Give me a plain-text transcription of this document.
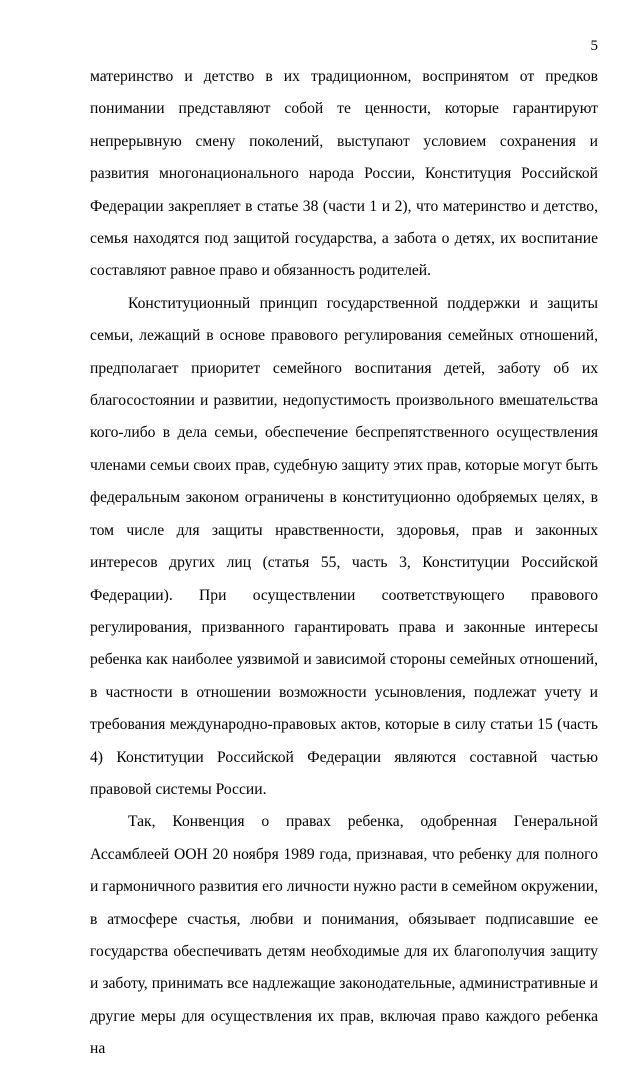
5

материнство и детство в их традиционном, воспринятом от предков понимании представляют собой те ценности, которые гарантируют непрерывную смену поколений, выступают условием сохранения и развития многонационального народа России, Конституция Российской Федерации закрепляет в статье 38 (части 1 и 2), что материнство и детство, семья находятся под защитой государства, а забота о детях, их воспитание составляют равное право и обязанность родителей.

Конституционный принцип государственной поддержки и защиты семьи, лежащий в основе правового регулирования семейных отношений, предполагает приоритет семейного воспитания детей, заботу об их благосостоянии и развитии, недопустимость произвольного вмешательства кого-либо в дела семьи, обеспечение беспрепятственного осуществления членами семьи своих прав, судебную защиту этих прав, которые могут быть федеральным законом ограничены в конституционно одобряемых целях, в том числе для защиты нравственности, здоровья, прав и законных интересов других лиц (статья 55, часть 3, Конституции Российской Федерации). При осуществлении соответствующего правового регулирования, призванного гарантировать права и законные интересы ребенка как наиболее уязвимой и зависимой стороны семейных отношений, в частности в отношении возможности усыновления, подлежат учету и требования международно-правовых актов, которые в силу статьи 15 (часть 4) Конституции Российской Федерации являются составной частью правовой системы России.

Так, Конвенция о правах ребенка, одобренная Генеральной Ассамблеей ООН 20 ноября 1989 года, признавая, что ребенку для полного и гармоничного развития его личности нужно расти в семейном окружении, в атмосфере счастья, любви и понимания, обязывает подписавшие ее государства обеспечивать детям необходимые для их благополучия защиту и заботу, принимать все надлежащие законодательные, административные и другие меры для осуществления их прав, включая право каждого ребенка на
